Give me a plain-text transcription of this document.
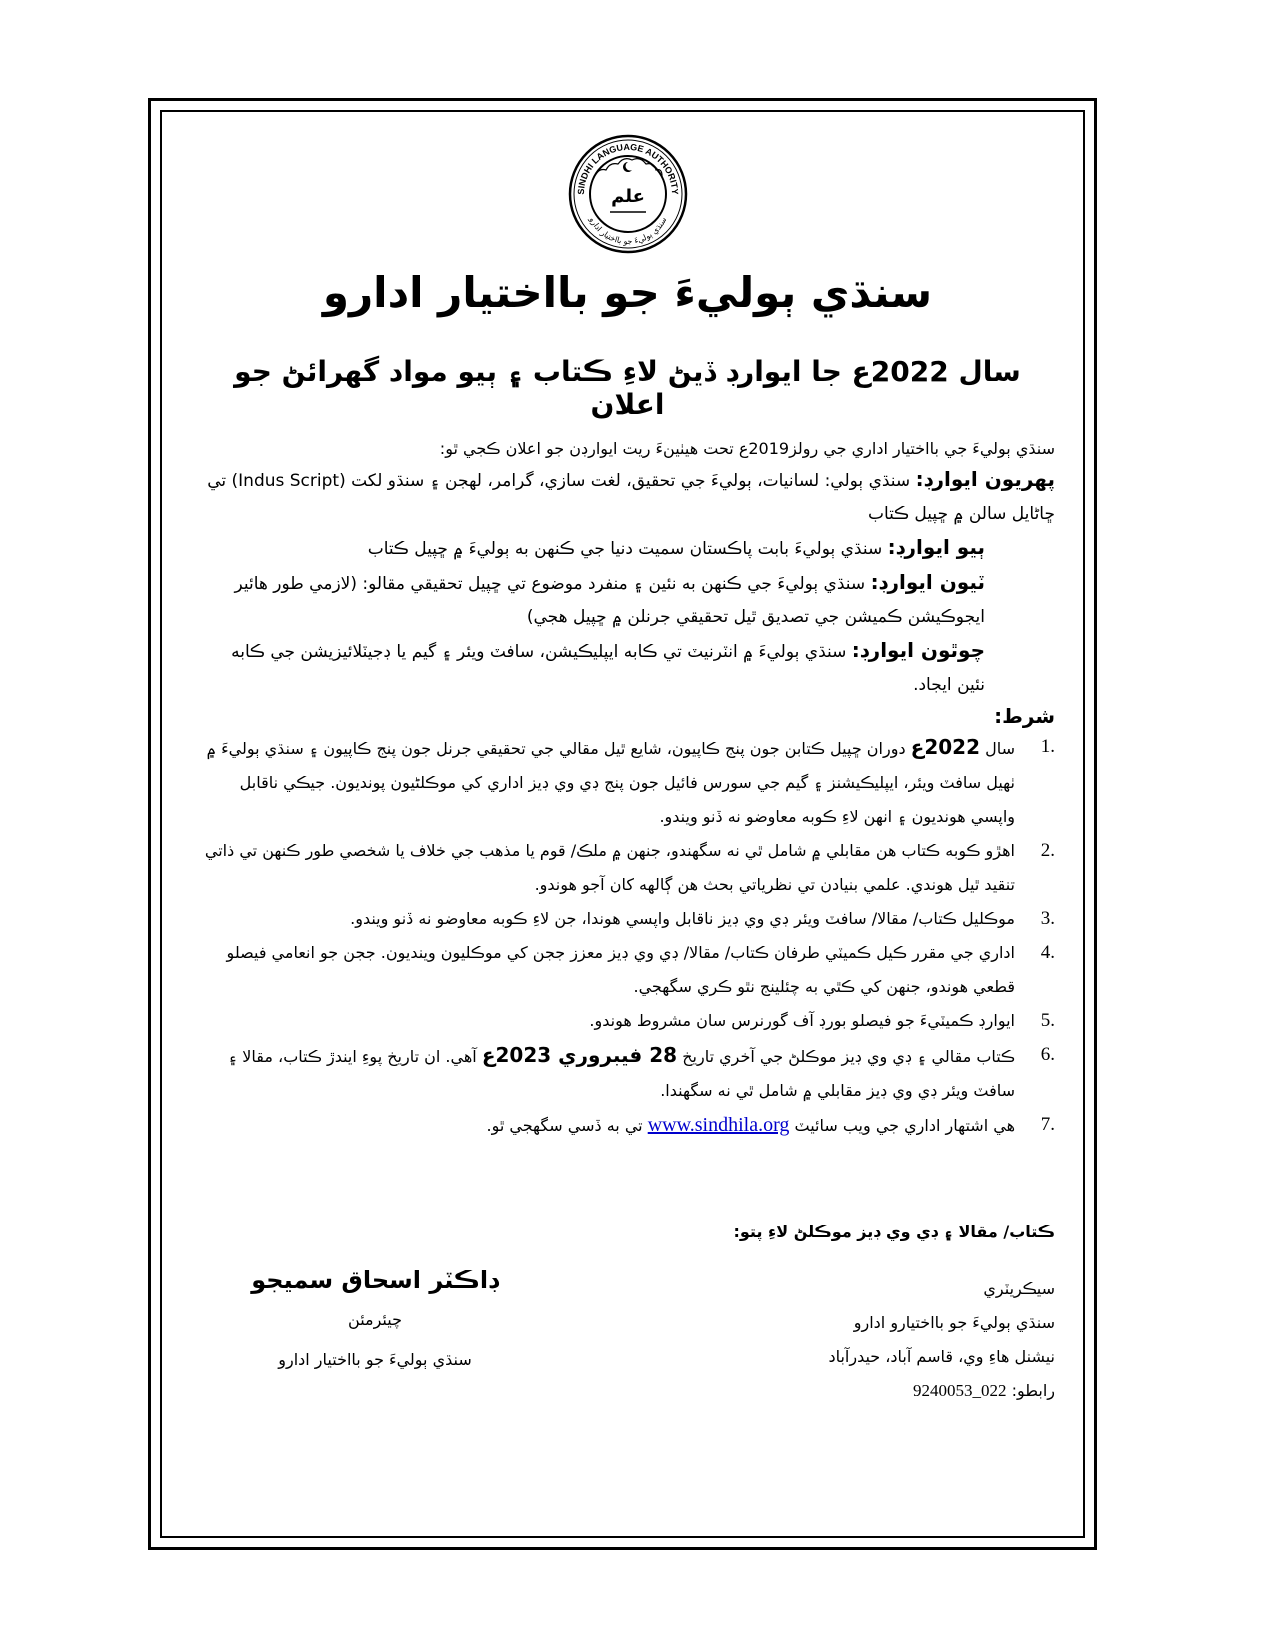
علم
SINDHI LANGUAGE AUTHORITY
سنڌي ٻوليءَ جو بااختيار ادارو
سنڌي ٻوليءَ جو بااختيار ادارو
سال 2022ع جا ايوارڊ ڏيڻ لاءِ ڪتاب ۽ ٻيو مواد گهرائڻ جو اعلان

سنڌي ٻوليءَ جي بااختيار اداري جي رولز2019ع تحت هيٺينءَ ريت ايوارڊن جو اعلان ڪجي ٿو:

پهريون ايوارڊ: سنڌي ٻولي: لسانيات، ٻوليءَ جي تحقيق، لغت سازي، گرامر، لهجن ۽ سنڌو لکت (Indus Script) تي ڇاڻايل سالن ۾ ڇپيل ڪتاب

ٻيو ايوارڊ: سنڌي ٻوليءَ بابت پاڪستان سميت دنيا جي ڪنهن به ٻوليءَ ۾ ڇپيل ڪتاب

ٽيون ايوارڊ: سنڌي ٻوليءَ جي ڪنهن به نئين ۽ منفرد موضوع تي ڇپيل تحقيقي مقالو: (لازمي طور هائير ايجوڪيشن ڪميشن جي تصديق ٿيل تحقيقي جرنلن ۾ ڇپيل هجي)

چوٿون ايوارڊ: سنڌي ٻوليءَ ۾ انٽرنيٽ تي ڪابه ايپليڪيشن، سافٽ ويئر ۽ گيم يا ڊجيٽلائيزيشن جي ڪابه نئين ايجاد.

شرط:

1.
سال 2022ع دوران ڇپيل ڪتابن جون پنج ڪاپيون، شايع ٿيل مقالي جي تحقيقي جرنل جون پنج ڪاپيون ۽ سنڌي ٻوليءَ ۾ ٺهيل سافٽ ويئر، ايپليڪيشنز ۽ گيم جي سورس فائيل جون پنج ڊي وي ڊيز اداري کي موڪلڻيون پونديون. جيڪي ناقابل واپسي هونديون ۽ انهن لاءِ ڪوبه معاوضو نه ڏنو ويندو.
2.
اهڙو ڪوبه ڪتاب هن مقابلي ۾ شامل ٿي نه سگهندو، جنهن ۾ ملڪ/ قوم يا مذهب جي خلاف يا شخصي طور ڪنهن تي ذاتي تنقيد ٿيل هوندي. علمي بنيادن تي نظرياتي بحث هن ڳالهه کان آجو هوندو.
3.
موڪليل ڪتاب/ مقالا/ سافٽ ويئر ڊي وي ڊيز ناقابل واپسي هوندا، جن لاءِ ڪوبه معاوضو نه ڏنو ويندو.
4.
اداري جي مقرر ڪيل ڪميٽي طرفان ڪتاب/ مقالا/ ڊي وي ڊيز معزز ججن کي موڪليون وينديون. ججن جو انعامي فيصلو قطعي هوندو، جنهن کي ڪٿي به چئلينج نٿو ڪري سگهجي.
5.
ايوارڊ ڪميٽيءَ جو فيصلو بورڊ آف گورنرس سان مشروط هوندو.
6.
ڪتاب مقالي ۽ ڊي وي ڊيز موڪلڻ جي آخري تاريخ 28 فيبروري 2023ع آهي. ان تاريخ پوءِ ايندڙ ڪتاب، مقالا ۽ سافٽ ويئر ڊي وي ڊيز مقابلي ۾ شامل ٿي نه سگهندا.
7.
هي اشتهار اداري جي ويب سائيٽ www.sindhila.org تي به ڏسي سگهجي ٿو.

ڪتاب/ مقالا ۽ ڊي وي ڊيز موڪلڻ لاءِ پتو:

سيڪريٽري
سنڌي ٻوليءَ جو بااختيارو ادارو
نيشنل هاءِ وي، قاسم آباد، حيدرآباد
رابطو: 022_9240053
ڊاڪٽر اسحاق سميجو
چيئرمئن
سنڌي ٻوليءَ جو بااختيار ادارو
